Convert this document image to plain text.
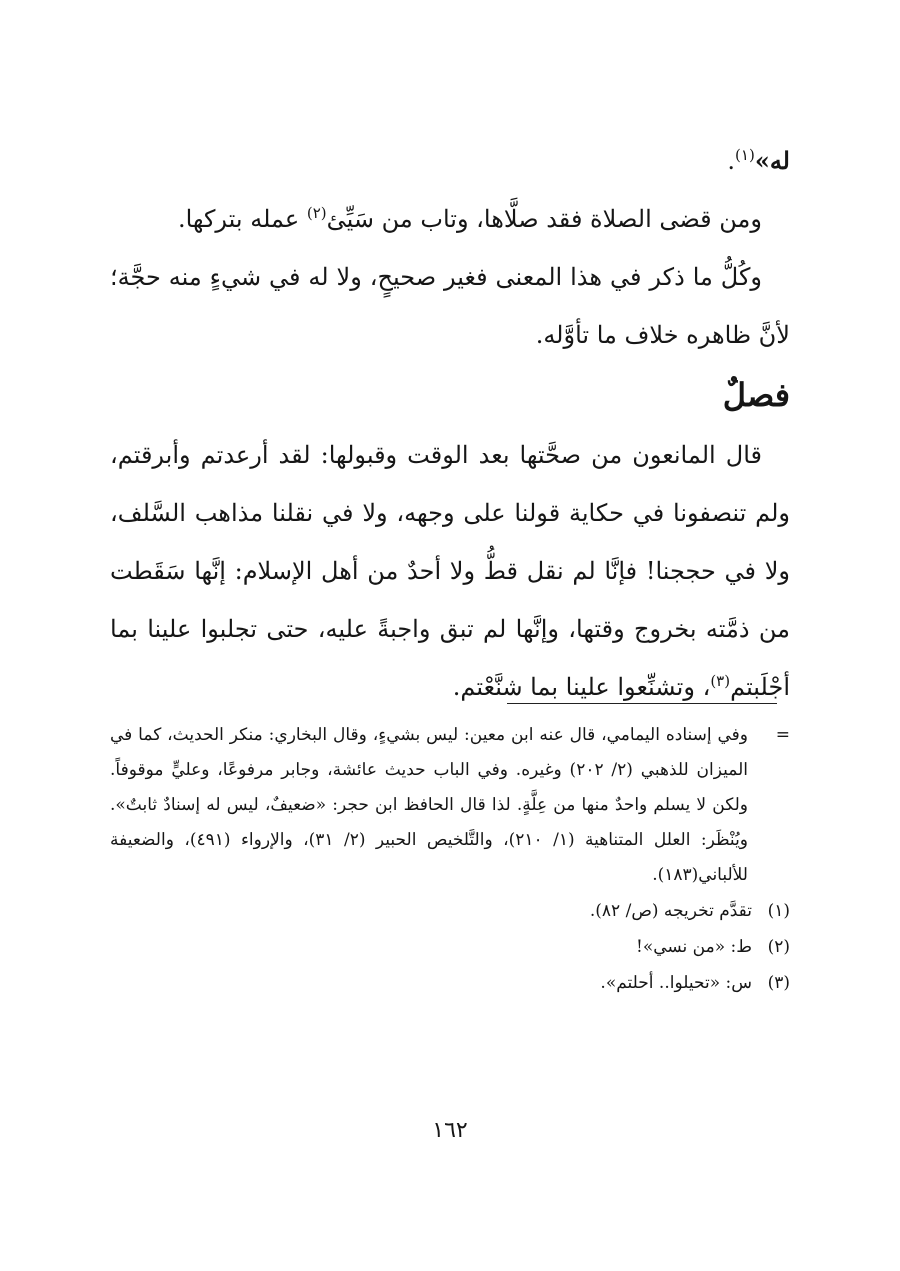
له»$^{(١)}$.

ومن قضى الصلاة فقد صلَّاها، وتاب من سَيِّئ$^{(٢)}$ عمله بتركها.

وكُلُّ ما ذكر في هذا المعنى فغير صحيحٍ، ولا له في شيءٍ منه حجَّة؛ لأنَّ ظاهره خلاف ما تأوَّله.

فصلٌ

قال المانعون من صحَّتها بعد الوقت وقبولها: لقد أرعدتم وأبرقتم، ولم تنصفونا في حكاية قولنا على وجهه، ولا في نقلنا مذاهب السَّلف، ولا في حججنا! فإنَّا لم نقل قطُّ ولا أحدٌ من أهل الإسلام: إنَّها سَقَطت من ذمَّته بخروج وقتها، وإنَّها لم تبق واجبةً عليه، حتى تجلبوا علينا بما أجْلَبتم$^{(٣)}$، وتشنِّعوا علينا بما شنَّعْتم.

=
وفي إسناده اليمامي، قال عنه ابن معين: ليس بشيءٍ، وقال البخاري: منكر الحديث، كما في الميزان للذهبي (٢/ ٢٠٢) وغيره. وفي الباب حديث عائشة، وجابر مرفوعًا، وعليٍّ موقوفاً. ولكن لا يسلم واحدٌ منها من عِلَّةٍ. لذا قال الحافظ ابن حجر: «ضعيفٌ، ليس له إسنادٌ ثابتٌ». ويُنْظَر: العلل المتناهية (١/ ٢١٠)، والتَّلخيص الحبير (٢/ ٣١)، والإرواء (٤٩١)، والضعيفة للألباني(١٨٣).

(١)تقدَّم تخريجه (ص/ ٨٢).

(٢)ط: «من نسي»!

(٣)س: «تحيلوا.. أحلتم».

١٦٢
